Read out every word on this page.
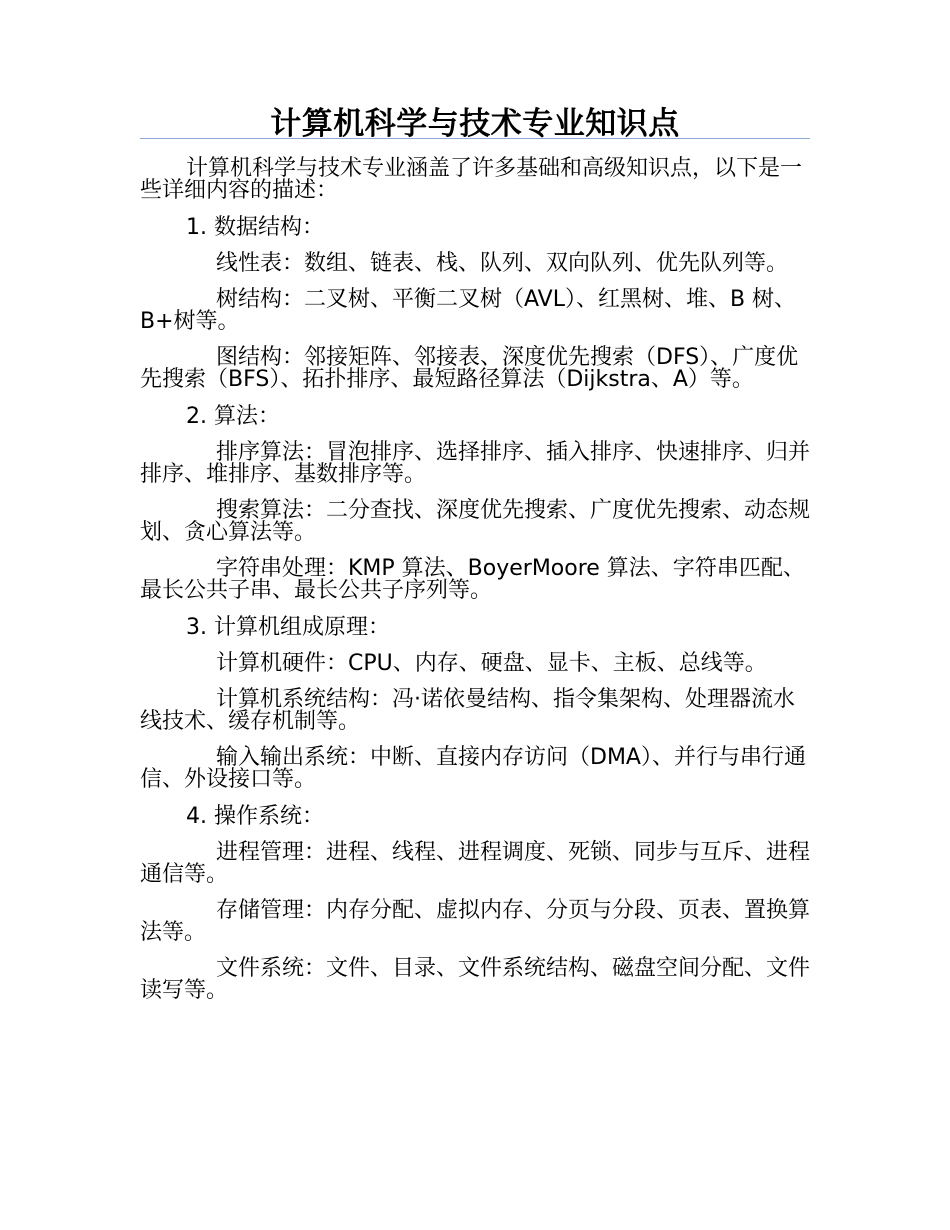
计算机科学与技术专业知识点

计算机科学与技术专业涵盖了许多基础和高级知识点，以下是一些详细内容的描述：

1. 数据结构：

线性表：数组、链表、栈、队列、双向队列、优先队列等。

树结构：二叉树、平衡二叉树（AVL）、红黑树、堆、B 树、B+树等。

图结构：邻接矩阵、邻接表、深度优先搜索（DFS）、广度优先搜索（BFS）、拓扑排序、最短路径算法（Dijkstra、A）等。

2. 算法：

排序算法：冒泡排序、选择排序、插入排序、快速排序、归并排序、堆排序、基数排序等。

搜索算法：二分查找、深度优先搜索、广度优先搜索、动态规划、贪心算法等。

字符串处理：KMP 算法、BoyerMoore 算法、字符串匹配、最长公共子串、最长公共子序列等。

3. 计算机组成原理：

计算机硬件：CPU、内存、硬盘、显卡、主板、总线等。

计算机系统结构：冯·诺依曼结构、指令集架构、处理器流水线技术、缓存机制等。

输入输出系统：中断、直接内存访问（DMA）、并行与串行通信、外设接口等。

4. 操作系统：

进程管理：进程、线程、进程调度、死锁、同步与互斥、进程通信等。

存储管理：内存分配、虚拟内存、分页与分段、页表、置换算法等。

文件系统：文件、目录、文件系统结构、磁盘空间分配、文件读写等。
